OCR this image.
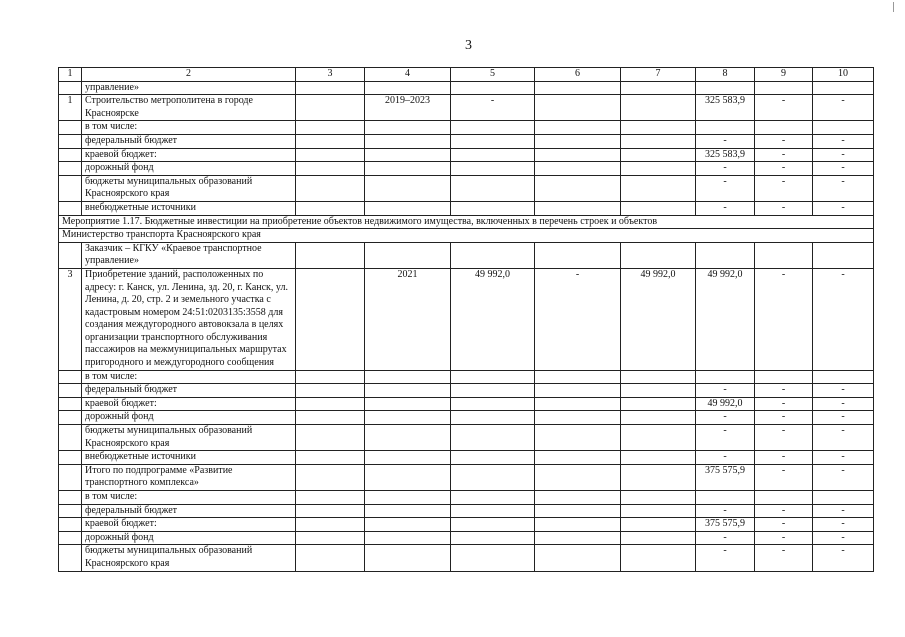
3
1	2	3	4	5	6	7	8	9	10
	управление»								
1	Строительство метрополитена в городе Красноярске		2019–2023	-			325 583,9	-	-
	в том числе:								
	федеральный бюджет						-	-	-
	краевой бюджет:						325 583,9	-	-
	дорожный фонд						-	-	-
	бюджеты муниципальных образований Красноярского края						-	-	-
	внебюджетные источники						-	-	-
Мероприятие 1.17. Бюджетные инвестиции на приобретение объектов недвижимого имущества, включенных в перечень строек и объектов									
Министерство транспорта Красноярского края									
	Заказчик – КГКУ «Краевое транспортное управление»								
3	Приобретение зданий, расположенных по адресу: г. Канск, ул. Ленина, зд. 20, г. Канск, ул. Ленина, д. 20, стр. 2 и земельного участка с кадастровым номером 24:51:0203135:3558 для создания междугородного автовокзала в целях организации транспортного обслуживания пассажиров на межмуниципальных маршрутах пригородного и междугородного сообщения		2021	49 992,0	-	49 992,0	49 992,0	-	-
	в том числе:								
	федеральный бюджет						-	-	-
	краевой бюджет:						49 992,0	-	-
	дорожный фонд						-	-	-
	бюджеты муниципальных образований Красноярского края						-	-	-
	внебюджетные источники						-	-	-
	Итого по подпрограмме «Развитие транспортного комплекса»						375 575,9	-	-
	в том числе:								
	федеральный бюджет						-	-	-
	краевой бюджет:						375 575,9	-	-
	дорожный фонд						-	-	-
	бюджеты муниципальных образований Красноярского края						-	-	-
